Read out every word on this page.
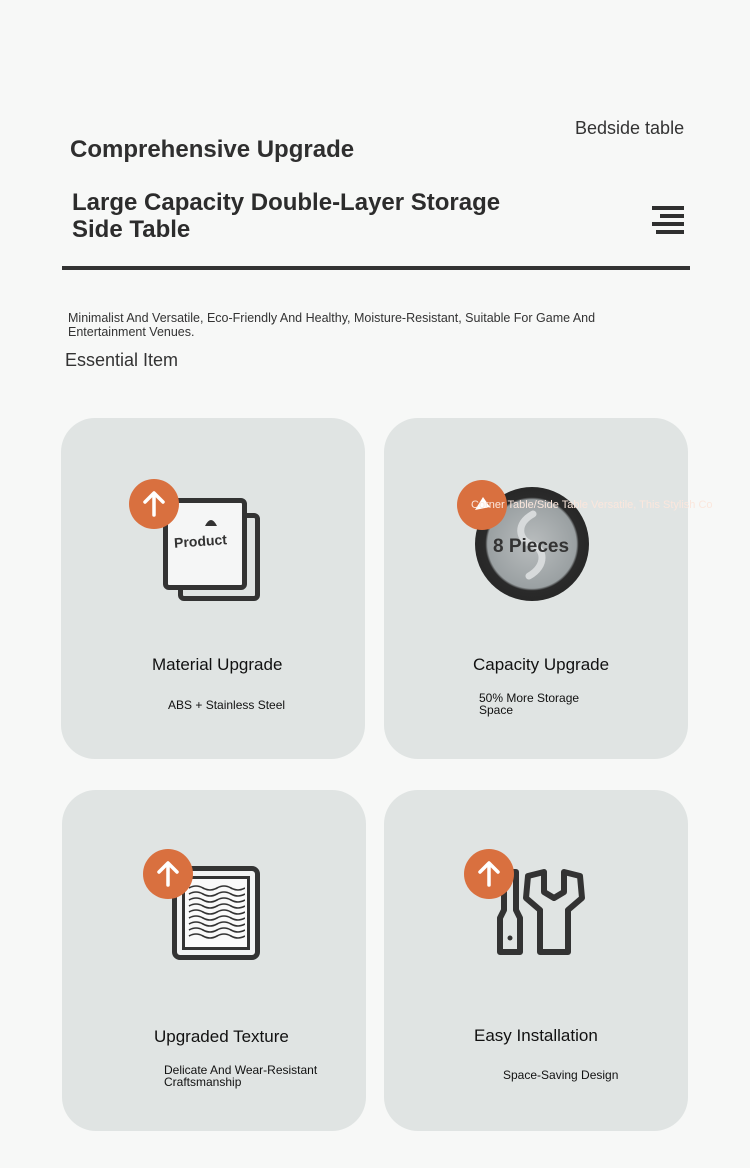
Bedside table
Comprehensive Upgrade
Large Capacity Double-Layer Storage Side Table
Minimalist And Versatile, Eco-Friendly And Healthy, Moisture-Resistant, Suitable For Game And Entertainment Venues.
Essential Item
Product
Material Upgrade
ABS + Stainless Steel
8 Pieces
Corner Table/Side Table Versatile, This Stylish Co
Capacity Upgrade
50% More Storage Space
Upgraded Texture
Delicate And Wear-Resistant Craftsmanship
Easy Installation
Space-Saving Design
